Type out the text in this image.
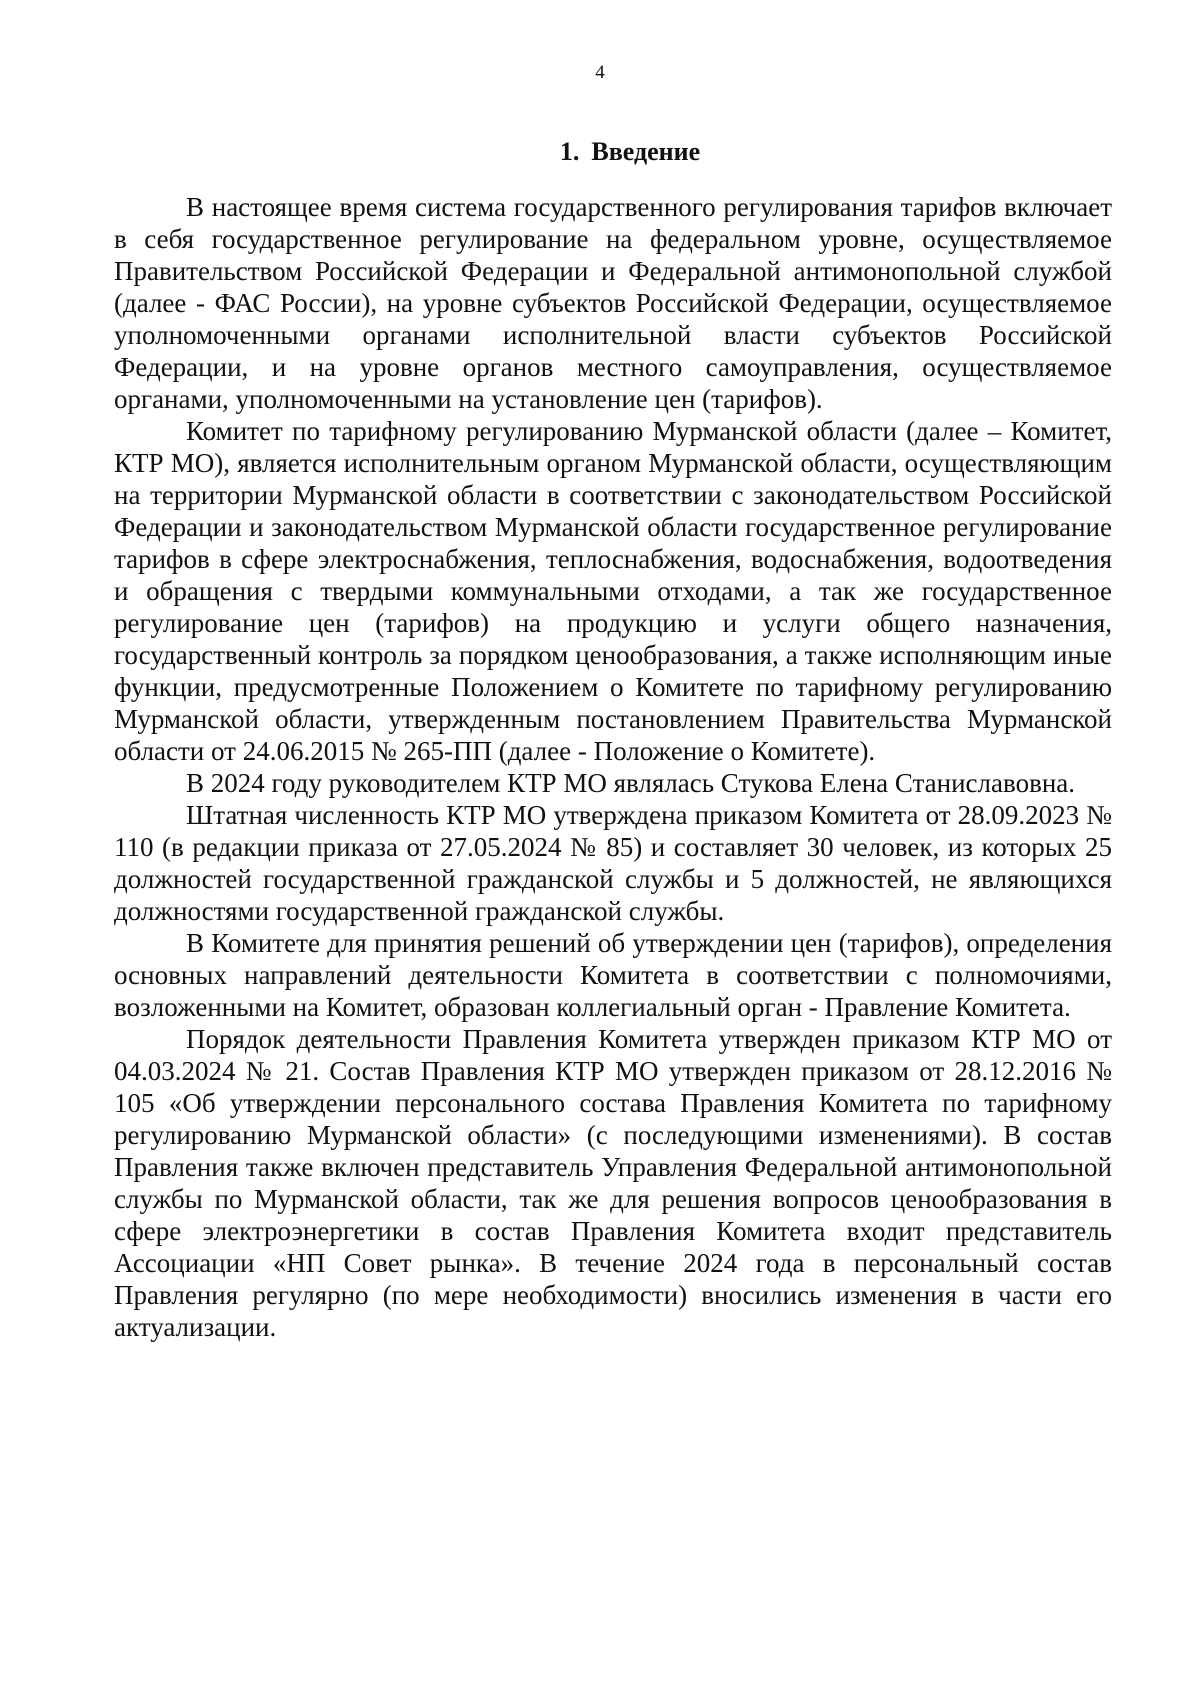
4
1. Введение

В настоящее время система государственного регулирования тарифов включает в себя государственное регулирование на федеральном уровне, осуществляемое Правительством Российской Федерации и Федеральной антимонопольной службой (далее - ФАС России), на уровне субъектов Российской Федерации, осуществляемое уполномоченными органами исполнительной власти субъектов Российской Федерации, и на уровне органов местного самоуправления, осуществляемое органами, уполномоченными на установление цен (тарифов).

Комитет по тарифному регулированию Мурманской области (далее – Комитет, КТР МО), является исполнительным органом Мурманской области, осуществляющим на территории Мурманской области в соответствии с законодательством Российской Федерации и законодательством Мурманской области государственное регулирование тарифов в сфере электроснабжения, теплоснабжения, водоснабжения, водоотведения и обращения с твердыми коммунальными отходами, а так же государственное регулирование цен (тарифов) на продукцию и услуги общего назначения, государственный контроль за порядком ценообразования, а также исполняющим иные функции, предусмотренные Положением о Комитете по тарифному регулированию Мурманской области, утвержденным постановлением Правительства Мурманской области от 24.06.2015 № 265-ПП (далее - Положение о Комитете).

В 2024 году руководителем КТР МО являлась Стукова Елена Станиславовна.

Штатная численность КТР МО утверждена приказом Комитета от 28.09.2023 № 110 (в редакции приказа от 27.05.2024 № 85) и составляет 30 человек, из которых 25 должностей государственной гражданской службы и 5 должностей, не являющихся должностями государственной гражданской службы.

В Комитете для принятия решений об утверждении цен (тарифов), определения основных направлений деятельности Комитета в соответствии с полномочиями, возложенными на Комитет, образован коллегиальный орган - Правление Комитета.

Порядок деятельности Правления Комитета утвержден приказом КТР МО от 04.03.2024 № 21. Состав Правления КТР МО утвержден приказом от 28.12.2016 № 105 «Об утверждении персонального состава Правления Комитета по тарифному регулированию Мурманской области» (с последующими изменениями). В состав Правления также включен представитель Управления Федеральной антимонопольной службы по Мурманской области, так же для решения вопросов ценообразования в сфере электроэнергетики в состав Правления Комитета входит представитель Ассоциации «НП Совет рынка». В течение 2024 года в персональный состав Правления регулярно (по мере необходимости) вносились изменения в части его актуализации.
